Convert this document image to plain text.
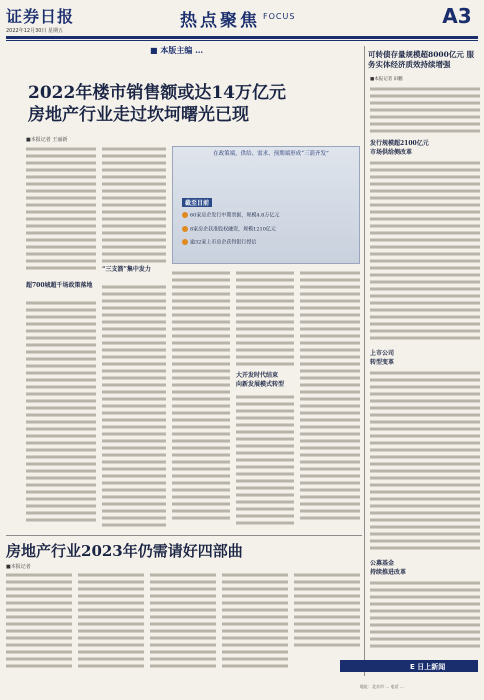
证券日报
2022年12月30日 星期五	热点聚焦 FOCUS	A3
■ 本版主编 …
2022年楼市销售额或达14万亿元
房地产行业走过坎坷曙光已现
■本报记者 王丽新
超700城超千场政策落地
“三支箭”集中发力
在政策端，供给、需求、预期端形成“三箭齐发”
截至目前
60家房企发行中期票据，规模4.8万亿元
8家房企获准股权融资，规模1210亿元
逾32家上市房企获得银行授信
大开发时代结束
向新发展模式转型
可转债存量规模超8000亿元 服务实体经济质效持续增强
■本报记者 田鹏
发行规模超2100亿元
市场供给侧改革
上市公司
转型变革
公募基金
持续推进改革
房地产行业2023年仍需请好四部曲
■本报记者
E 日上新闻
地址：北京市 … 电话 …
